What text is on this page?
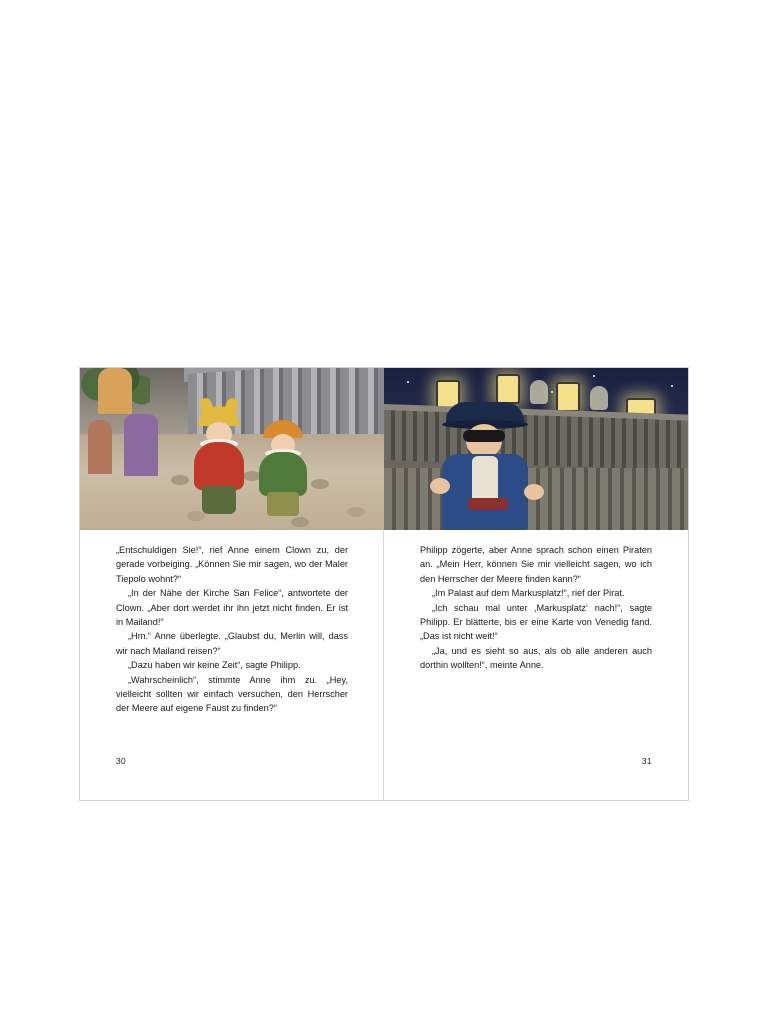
„Entschuldigen Sie!“, rief Anne einem Clown zu, der gerade vorbeiging. „Können Sie mir sagen, wo der Maler Tiepolo wohnt?“

„In der Nähe der Kirche San Felice“, antwortete der Clown. „Aber dort werdet ihr ihn jetzt nicht finden. Er ist in Mailand!“

„Hm.“ Anne überlegte. „Glaubst du, Merlin will, dass wir nach Mailand reisen?“

„Dazu haben wir keine Zeit“, sagte Philipp.

„Wahrscheinlich“, stimmte Anne ihm zu. „Hey, vielleicht sollten wir einfach versuchen, den Herrscher der Meere auf eigene Faust zu finden?“

30

Philipp zögerte, aber Anne sprach schon einen Piraten an. „Mein Herr, können Sie mir vielleicht sagen, wo ich den Herrscher der Meere finden kann?“

„Im Palast auf dem Markusplatz!“, rief der Pirat.

„Ich schau mal unter ‚Markusplatz‘ nach!“, sagte Philipp. Er blätterte, bis er eine Karte von Venedig fand. „Das ist nicht weit!“

„Ja, und es sieht so aus, als ob alle anderen auch dorthin wollten!“, meinte Anne.

31
